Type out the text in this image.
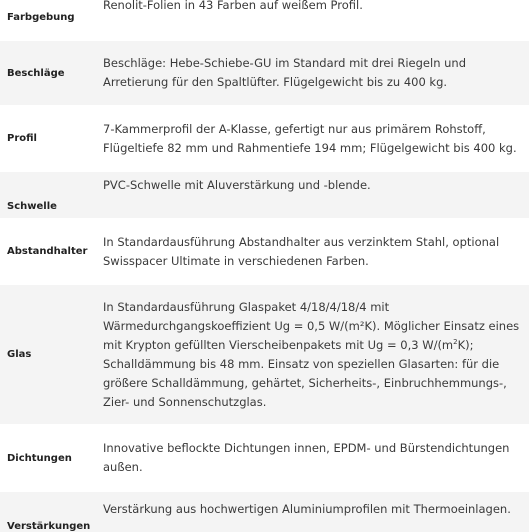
Farbgebung
Renolit-Folien in 43 Farben auf weißem Profil.
Beschläge
Beschläge: Hebe-Schiebe-GU im Standard mit drei Riegeln und Arretierung für den Spaltlüfter. Flügelgewicht bis zu 400 kg.
Profil
7-Kammerprofil der A-Klasse, gefertigt nur aus primärem Rohstoff, Flügeltiefe 82 mm und Rahmentiefe 194 mm; Flügelgewicht bis 400 kg.
Schwelle
PVC-Schwelle mit Aluverstärkung und -blende.
Abstandhalter
In Standardausführung Abstandhalter aus verzinktem Stahl, optional Swisspacer Ultimate in verschiedenen Farben.
Glas
In Standardausführung Glaspaket 4/18/4/18/4 mit Wärmedurchgangskoeffizient Ug = 0,5 W/(m²K). Möglicher Einsatz eines mit Krypton gefüllten Vierscheibenpakets mit Ug = 0,3 $W/(m^2K)$; Schalldämmung bis 48 mm. Einsatz von speziellen Glasarten: für die größere Schalldämmung, gehärtet, Sicherheits-, Einbruchhemmungs-, Zier- und Sonnenschutzglas.
Dichtungen
Innovative beflockte Dichtungen innen, EPDM- und Bürstendichtungen außen.
Verstärkungen
Verstärkung aus hochwertigen Aluminiumprofilen mit Thermoeinlagen.
